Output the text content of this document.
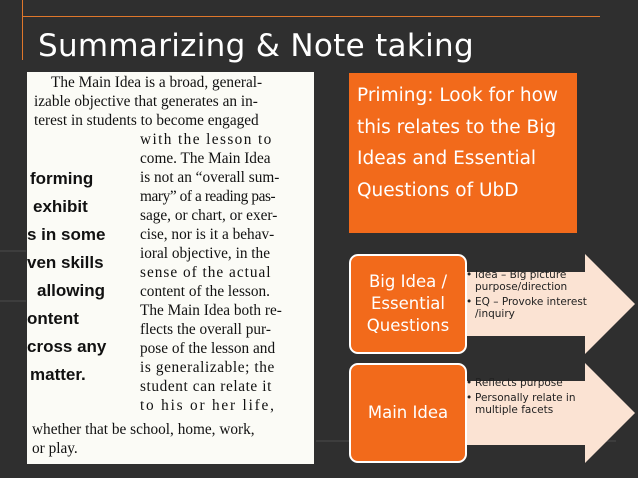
Summarizing & Note taking
The Main Idea is a broad, general-
izable objective that generates an in-
terest in students to become engaged
with the lesson to
come. The Main Idea
is not an “overall sum-
mary” of a reading pas-
sage, or chart, or exer-
cise, nor is it a behav-
ioral objective, in the
sense of the actual
content of the lesson.
The Main Idea both re-
flects the overall pur-
pose of the lesson and
is generalizable; the
student can relate it
to his or her life,
whether that be school, home, work,
or play.
forming
exhibit
s in some
ven skills
allowing
ontent
cross any
matter.
Priming: Look for how this relates to the Big Ideas and Essential Questions of UbD
Big Idea / Essential Questions
• Idea – Big picture purpose/direction
• EQ – Provoke interest /inquiry
Main Idea
• Reflects purpose
• Personally relate in multiple facets
